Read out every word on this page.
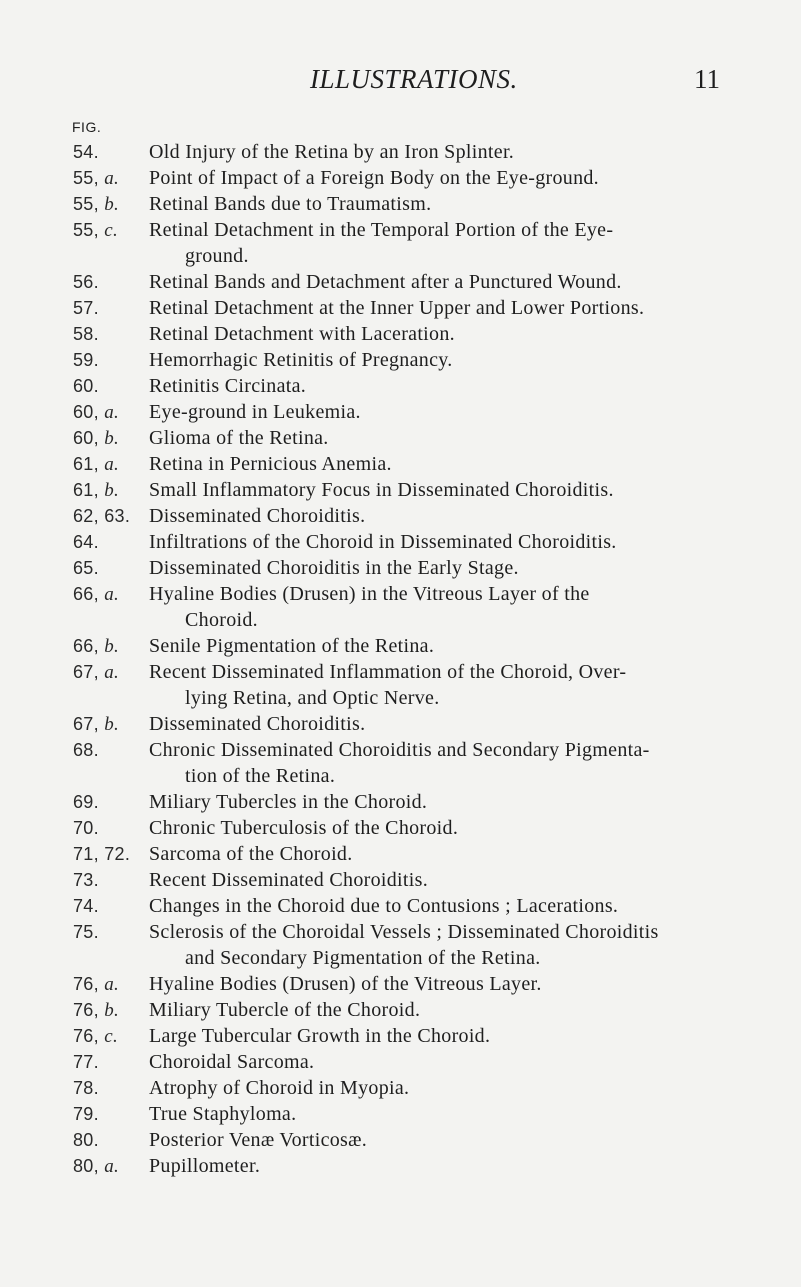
ILLUSTRATIONS.	11
FIG.
54.	Old Injury of the Retina by an Iron Splinter.
55, a. Point of Impact of a Foreign Body on the Eye-ground.
55, b. Retinal Bands due to Traumatism.
55, c. Retinal Detachment in the Temporal Portion of the Eye-
ground.
56.	Retinal Bands and Detachment after a Punctured Wound.
57.	Retinal Detachment at the Inner Upper and Lower Portions.
58.	Retinal Detachment with Laceration.
59.	Hemorrhagic Retinitis of Pregnancy.
60.	Retinitis Circinata.
60, a. Eye-ground in Leukemia.
60, b. Glioma of the Retina.
61, a. Retina in Pernicious Anemia.
61, b. Small Inflammatory Focus in Disseminated Choroiditis.
62, 63. Disseminated Choroiditis.
64.	Infiltrations of the Choroid in Disseminated Choroiditis.
65.	Disseminated Choroiditis in the Early Stage.
66, a. Hyaline Bodies (Drusen) in the Vitreous Layer of the
Choroid.
66, b. Senile Pigmentation of the Retina.
67, a. Recent Disseminated Inflammation of the Choroid, Over-
lying Retina, and Optic Nerve.
67, b. Disseminated Choroiditis.
68.	Chronic Disseminated Choroiditis and Secondary Pigmenta-
tion of the Retina.
69.	Miliary Tubercles in the Choroid.
70.	Chronic Tuberculosis of the Choroid.
71, 72. Sarcoma of the Choroid.
73.	Recent Disseminated Choroiditis.
74.	Changes in the Choroid due to Contusions ; Lacerations.
75.	Sclerosis of the Choroidal Vessels ; Disseminated Choroiditis
and Secondary Pigmentation of the Retina.
76, a. Hyaline Bodies (Drusen) of the Vitreous Layer.
76, b. Miliary Tubercle of the Choroid.
76, c. Large Tubercular Growth in the Choroid.
77.	Choroidal Sarcoma.
78.	Atrophy of Choroid in Myopia.
79.	True Staphyloma.
80.	Posterior Venæ Vorticosæ.
80, a. Pupillometer.
